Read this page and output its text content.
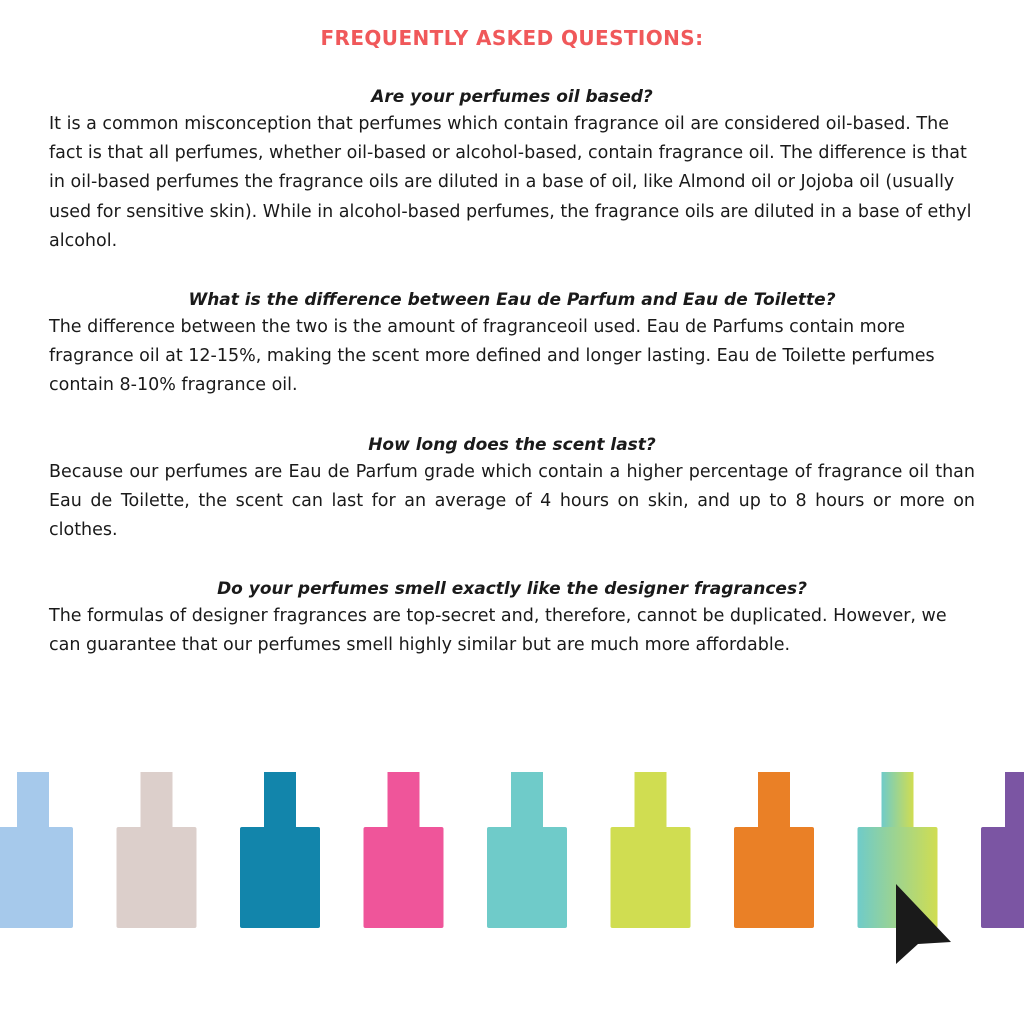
FREQUENTLY ASKED QUESTIONS:

Are your perfumes oil based?

It is a common misconception that perfumes which contain fragrance oil are considered oil-based. The fact is that all perfumes, whether oil-based or alcohol-based, contain fragrance oil. The difference is that in oil-based perfumes the fragrance oils are diluted in a base of oil, like Almond oil or Jojoba oil (usually used for sensitive skin). While in alcohol-based perfumes, the fragrance oils are diluted in a base of ethyl alcohol.

What is the difference between Eau de Parfum and Eau de Toilette?

The difference between the two is the amount of fragranceoil used. Eau de Parfums contain more fragrance oil at 12-15%, making the scent more defined and longer lasting. Eau de Toilette perfumes contain 8-10% fragrance oil.

How long does the scent last?

Because our perfumes are Eau de Parfum grade which contain a higher percentage of fragrance oil than Eau de Toilette, the scent can last for an average of 4 hours on skin, and up to 8 hours or more on clothes.

Do your perfumes smell exactly like the designer fragrances?

The formulas of designer fragrances are top-secret and, therefore, cannot be duplicated. However, we can guarantee that our perfumes smell highly similar but are much more affordable.
